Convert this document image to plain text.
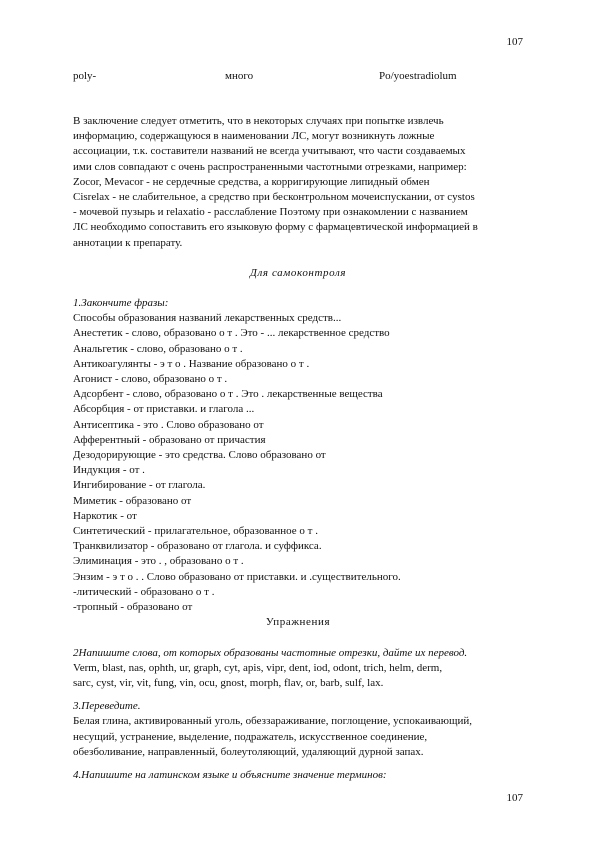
107
poly-	много	Po/yoestradiolum

В заключение следует отметить, что в некоторых случаях при попытке извлечь

информацию, содержащуюся в наименовании ЛС, могут возникнуть ложные

ассоциации, т.к. составители названий не всегда учитывают, что части создаваемых

ими слов совпадают с очень распространенными частотными отрезками, например:

Zocor, Mevacor - не сердечные средства, а корригирующие липидный обмен

Cisrelax - не слабительное, а средство при бесконтрольном мочеиспускании, от cystos

- мочевой пузырь и relaxatio - расслабление Поэтому при ознакомлении с названием

ЛС необходимо сопоставить его языковую форму с фармацевтической информацией в

аннотации к препарату.

Для самоконтроля

1.Закончите фразы:

Способы образования названий лекарственных средств...

Анестетик - слово, образовано о т . Это - ... лекарственное средство

Анальгетик - слово, образовано о т .

Антикоагулянты - э т о . Название образовано о т .

Агонист - слово, образовано о т .

Адсорбент - слово, образовано о т . Это . лекарственные вещества

Абсорбция - от приставки. и глагола ...

Антисептика - это . Слово образовано от

Афферентный - образовано от причастия

Дезодорирующие - это средства. Слово образовано от

Индукция - от .

Ингибирование - от глагола.

Миметик - образовано от

Наркотик - от

Синтетический - прилагательное, образованное о т .

Транквилизатор - образовано от глагола. и суффикса.

Элиминация - это . , образовано о т .

Энзим - э т о . . Слово образовано от приставки. и .существительного.

-литический - образовано о т .

-тропный - образовано от

Упражнения

2Напишите слова, от которых образованы частотные отрезки, дайте их перевод.

Verm, blast, nas, ophth, ur, graph, cyt, apis, vipr, dent, iod, odont, trich, helm, derm,

sarc, cyst, vir, vit, fung, vin, ocu, gnost, morph, flav, or, barb, sulf, lax.

3.Переведите.

Белая глина, активированный уголь, обеззараживание, поглощение, успокаивающий,

несущий, устранение, выделение, подражатель, искусственное соединение,

обезболивание, направленный, болеутоляющий, удаляющий дурной запах.

4.Напишите на латинском языке и объясните значение терминов:

107
